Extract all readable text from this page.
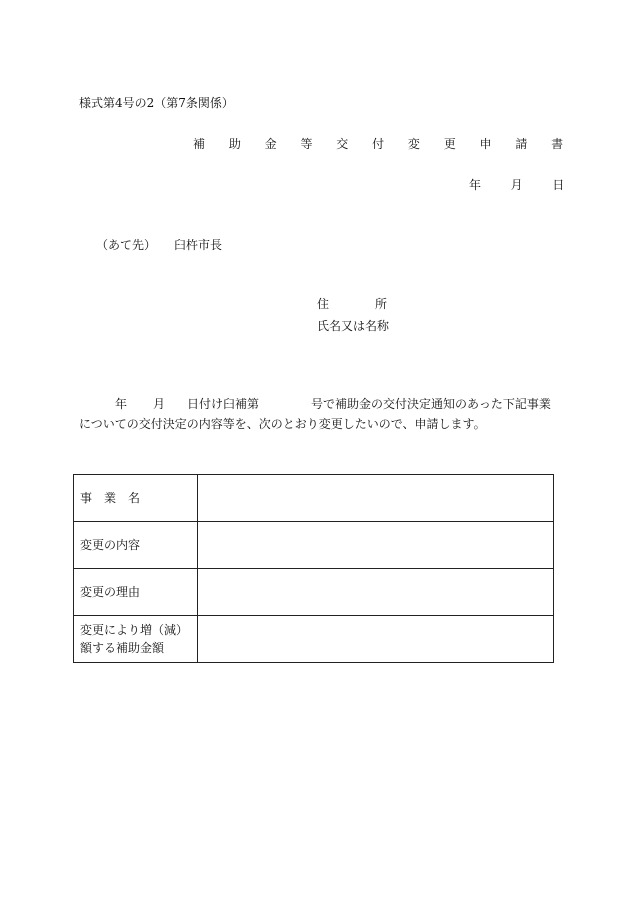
様式第4号の2（第7条関係）
補 助 金 等 交 付 変 更 申 請 書
年 月 日
（あて先） 臼杵市長
住	所
氏名又は名称
年 月 日付け臼補第	号で補助金の交付決定通知のあった下記事業
についての交付決定の内容等を、次のとおり変更したいので、申請します。
事　業　名	
変更の内容	
変更の理由	
変更により増（減）額する補助金額	
